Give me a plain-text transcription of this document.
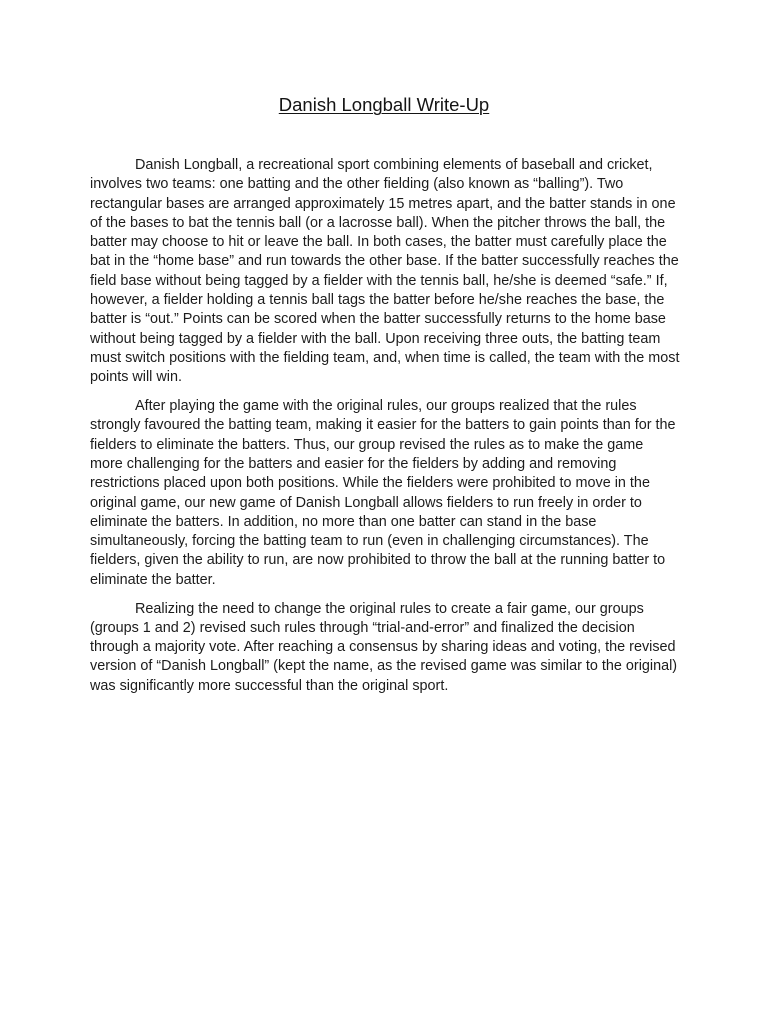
Danish Longball Write-Up

Danish Longball, a recreational sport combining elements of baseball and cricket, involves two teams: one batting and the other fielding (also known as “balling”). Two rectangular bases are arranged approximately 15 metres apart, and the batter stands in one of the bases to bat the tennis ball (or a lacrosse ball). When the pitcher throws the ball, the batter may choose to hit or leave the ball. In both cases, the batter must carefully place the bat in the “home base” and run towards the other base. If the batter successfully reaches the field base without being tagged by a fielder with the tennis ball, he/she is deemed “safe.” If, however, a fielder holding a tennis ball tags the batter before he/she reaches the base, the batter is “out.” Points can be scored when the batter successfully returns to the home base without being tagged by a fielder with the ball. Upon receiving three outs, the batting team must switch positions with the fielding team, and, when time is called, the team with the most points will win.

After playing the game with the original rules, our groups realized that the rules strongly favoured the batting team, making it easier for the batters to gain points than for the fielders to eliminate the batters. Thus, our group revised the rules as to make the game more challenging for the batters and easier for the fielders by adding and removing restrictions placed upon both positions. While the fielders were prohibited to move in the original game, our new game of Danish Longball allows fielders to run freely in order to eliminate the batters. In addition, no more than one batter can stand in the base simultaneously, forcing the batting team to run (even in challenging circumstances). The fielders, given the ability to run, are now prohibited to throw the ball at the running batter to eliminate the batter.

Realizing the need to change the original rules to create a fair game, our groups (groups 1 and 2) revised such rules through “trial-and-error” and finalized the decision through a majority vote. After reaching a consensus by sharing ideas and voting, the revised version of “Danish Longball” (kept the name, as the revised game was similar to the original) was significantly more successful than the original sport.
